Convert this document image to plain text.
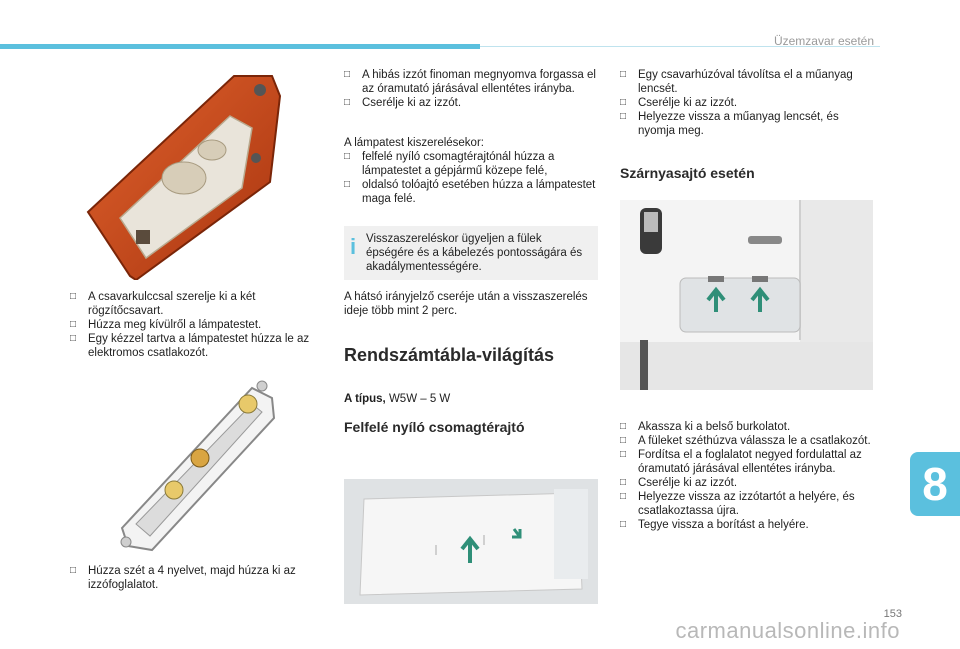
Üzemzavar esetén
□ A csavarkulccsal szerelje ki a két rögzítőcsavart.
□ Húzza meg kívülről a lámpatestet.
□ Egy kézzel tartva a lámpatestet húzza le az elektromos csatlakozót.
□ Húzza szét a 4 nyelvet, majd húzza ki az izzófoglalatot.
□ A hibás izzót finoman megnyomva forgassa el az óramutató járásával ellentétes irányba.
□ Cserélje ki az izzót.

A lámpatest kiszerelésekor:

□ felfelé nyíló csomagtérajtónál húzza a lámpatestet a gépjármű közepe felé,
□ oldalsó tolóajtó esetében húzza a lámpatestet maga felé.
i Visszaszereléskor ügyeljen a fülek épségére és a kábelezés pontosságára és akadálymentességére.

A hátsó irányjelző cseréje után a visszaszerelés ideje több mint 2 perc.

Rendszámtábla-világítás

A típus, W5W – 5 W

Felfelé nyíló csomagtérajtó
□ Egy csavarhúzóval távolítsa el a műanyag lencsét.
□ Cserélje ki az izzót.
□ Helyezze vissza a műanyag lencsét, és nyomja meg.
Szárnyasajtó esetén
□ Akassza ki a belső burkolatot.
□ A füleket széthúzva válassza le a csatlakozót.
□ Fordítsa el a foglalatot negyed fordulattal az óramutató járásával ellentétes irányba.
□ Cserélje ki az izzót.
□ Helyezze vissza az izzótartót a helyére, és csatlakoztassa újra.
□ Tegye vissza a borítást a helyére.
8
153
carmanualsonline.info
